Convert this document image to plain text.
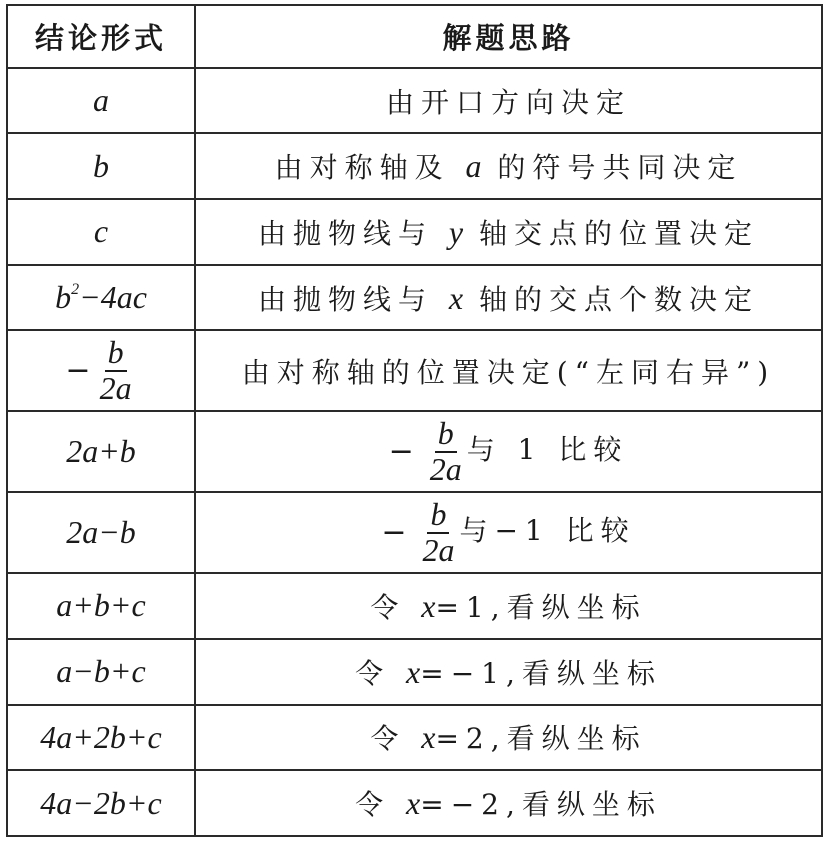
结论形式	解题思路
a	由开口方向决定
b	由对称轴及 a 的符号共同决定
c	由抛物线与 y 轴交点的位置决定
$b^2-4ac$	由抛物线与 x 轴的交点个数决定
− $\frac{b}{2a}$	由对称轴的位置决定(“左同右异”)
2a+b	− $\frac{b}{2a}$ 与 1 比较
2a−b	− $\frac{b}{2a}$ 与−1 比较
a+b+c	令 x=1,看纵坐标
a−b+c	令 x=−1,看纵坐标
4a+2b+c	令 x=2,看纵坐标
4a−2b+c	令 x=−2,看纵坐标
